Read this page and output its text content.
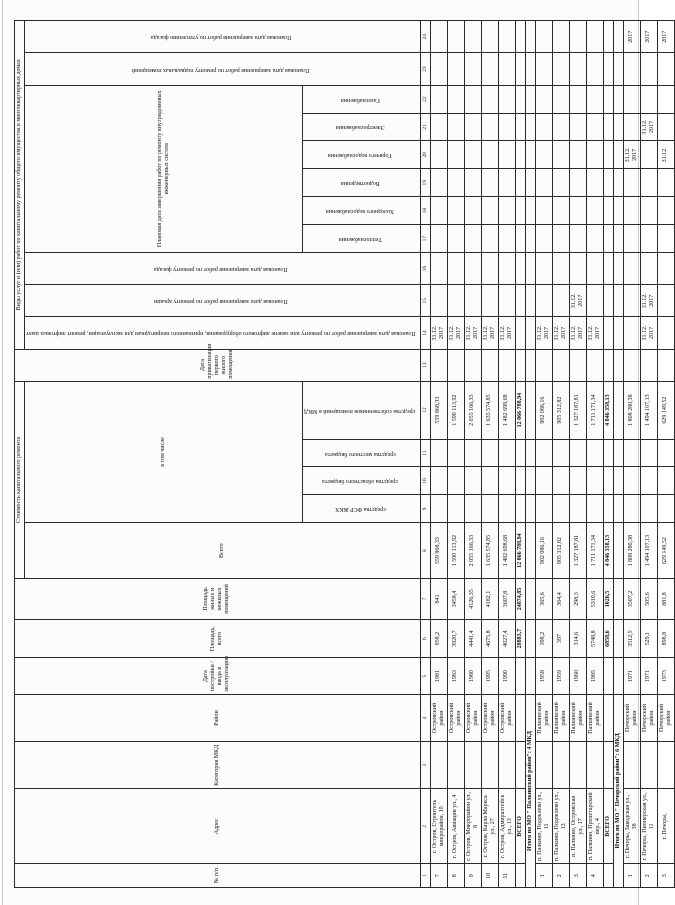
№ п/п	Адрес	Категория МКД	Район	Дата постройки / ввода в эксплуатацию	Площадь, всего	Площадь жилых и нежилых помещений	Стоимость капитального ремонта					Дата приватизации первого жилого помещения	Виды услуг и (или) работ по капитальному ремонту общего имущества в многоквартирных домах										
							Всего	в том числе					Плановая дата завершения работ по ремонту или замене лифтового оборудования, признанного непригодным для эксплуатации, ремонт лифтовых шахт	Плановая дата завершения работ по ремонту крыши	Плановая дата завершения работ по ремонту фасада	Плановая дата завершения работ по ремонту внутридомовых инженерных систем						Плановая дата завершения работ по ремонту подвальных помещений	Плановая дата завершения работ по утеплению фасада
								средства ФСР ЖКХ	средства областного бюджета	средства местного бюджета	средства собственников помещений в МКД					Теплоснабжения	Холодного водоснабжения	Водоотведения	Горячего водоснабжения	Электроснабжения	Газоснабжения		
1	2	3	4	5	6	7	8	9	10	11	12	13	14	15	16	17	18	19	20	21	22	23	24
7	г. Остров, Строитель микрорайон, 10		Островский район	1981	958,2	841	559 868,33				559 868,33		31.12. 2017										
8	г. Остров, Авиации ул., 4		Островский район	1983	3920,7	3458,4	1 590 113,92				1 590 113,92		31.12. 2017										
9	г. Остров, Микрорайон ул., 8		Островский район	1980	4441,4	4126,35	2 055 166,33				2 055 166,33		31.12. 2017										
10	г. Остров, Карла Маркса ул., 27		Островский район	1995	4675,8	4182,1	1 635 574,85				1 635 574,85		31.12. 2017										
11	г. Остров, Адмиралтейск ул., 13		Островский район	1990	4027,4	3607,8	1 482 698,68				1 482 698,68		31.12. 2017										
	ВСЕГО				28883,7	24874,85	12 066 788,94				12 066 788,94												
Итого по МО " Палкинский район": 4 МКД																							
1	п. Палкино, Подоклево ул., 11		Палкинский район	1958	398,2	365,6	902 086,16				902 086,16		31.12. 2017										
2	п. Палкино, Подоклево ул., 13		Палкинский район	1959	397	364,4	905 312,82				905 312,82		31.12. 2017										
3	п. Палкино, Островская ул., 17		Палкинский район	1960	314,6	298,3	1 327 187,81				1 327 187,81		31.12. 2017	31.12. 2017									
4	п. Палкино, Пролетарский пер., 4		Палкинский район	1985	5748,8	5310,6	1 711 171,34				1 711 171,34		31.12. 2017										
	ВСЕГО				6858,6	1026,5	4 846 358,13				4 846 358,13												
Итого по МО " Печорский район": 6 МКД																							
1	г. Печоры, Заводская ул., 38		Печорский район	1971	3512,5	3507,2	1 808 280,38				1 808 280,38								31.12. 2017				2017
2	г. Печоры, Пионерская ул., 11		Печорский район	1971	529,1	505,6	1 494 107,13				1 494 107,13		31.12. 2017	31.12. 2017						31.12. 2017			2017
3	г. Печоры,		Печорский район	1973	898,8	881,8	629 149,52				629 149,52								31.12.				2017
